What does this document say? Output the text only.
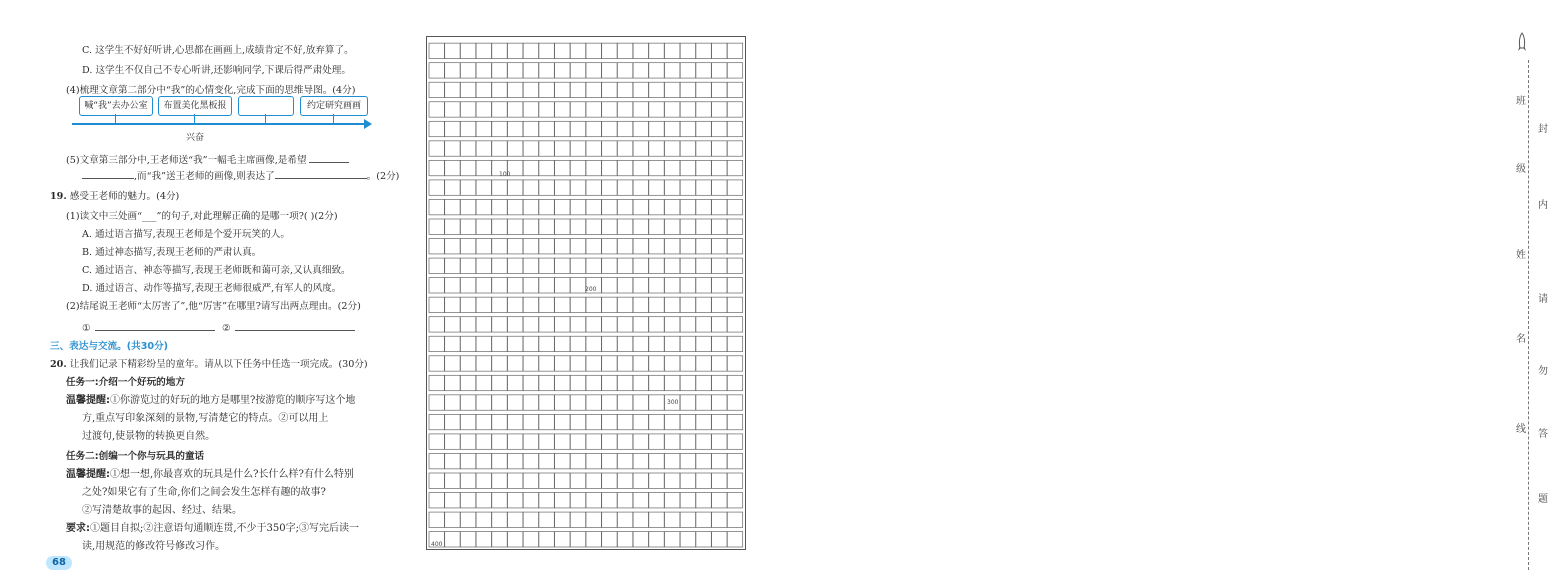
C. 这学生不好好听讲,心思都在画画上,成绩肯定不好,放弃算了。
D. 这学生不仅自己不专心听讲,还影响同学,下课后得严肃处理。
(4)梳理文章第二部分中“我”的心情变化,完成下面的思维导图。(4分)
喊“我”去办公室	布置美化黑板报	约定研究画画
兴奋
(5)文章第三部分中,王老师送“我”一幅毛主席画像,是希望
,而“我”送王老师的画像,则表达了	。(2分)
19. 感受王老师的魅力。(4分)
(1)读文中三处画“___”的句子,对此理解正确的是哪一项?( )(2分)
A. 通过语言描写,表现王老师是个爱开玩笑的人。
B. 通过神态描写,表现王老师的严肃认真。
C. 通过语言、神态等描写,表现王老师既和蔼可亲,又认真细致。
D. 通过语言、动作等描写,表现王老师很威严,有军人的风度。
(2)结尾说王老师“太厉害了”,他“厉害”在哪里?请写出两点理由。(2分)
①	②
三、表达与交流。(共30分)
20. 让我们记录下精彩纷呈的童年。请从以下任务中任选一项完成。(30分)
任务一:介绍一个好玩的地方
温馨提醒:①你游览过的好玩的地方是哪里?按游览的顺序写这个地
方,重点写印象深刻的景物,写清楚它的特点。②可以用上
过渡句,使景物的转换更自然。
任务二:创编一个你与玩具的童话
温馨提醒:①想一想,你最喜欢的玩具是什么?长什么样?有什么特别
之处?如果它有了生命,你们之间会发生怎样有趣的故事?
②写清楚故事的起因、经过、结果。
要求:①题目自拟;②注意语句通顺连贯,不少于350字;③写完后读一
读,用规范的修改符号修改习作。
68
100
200
300
400
班
封
级
内
姓
请
名
勿
线 答
题
